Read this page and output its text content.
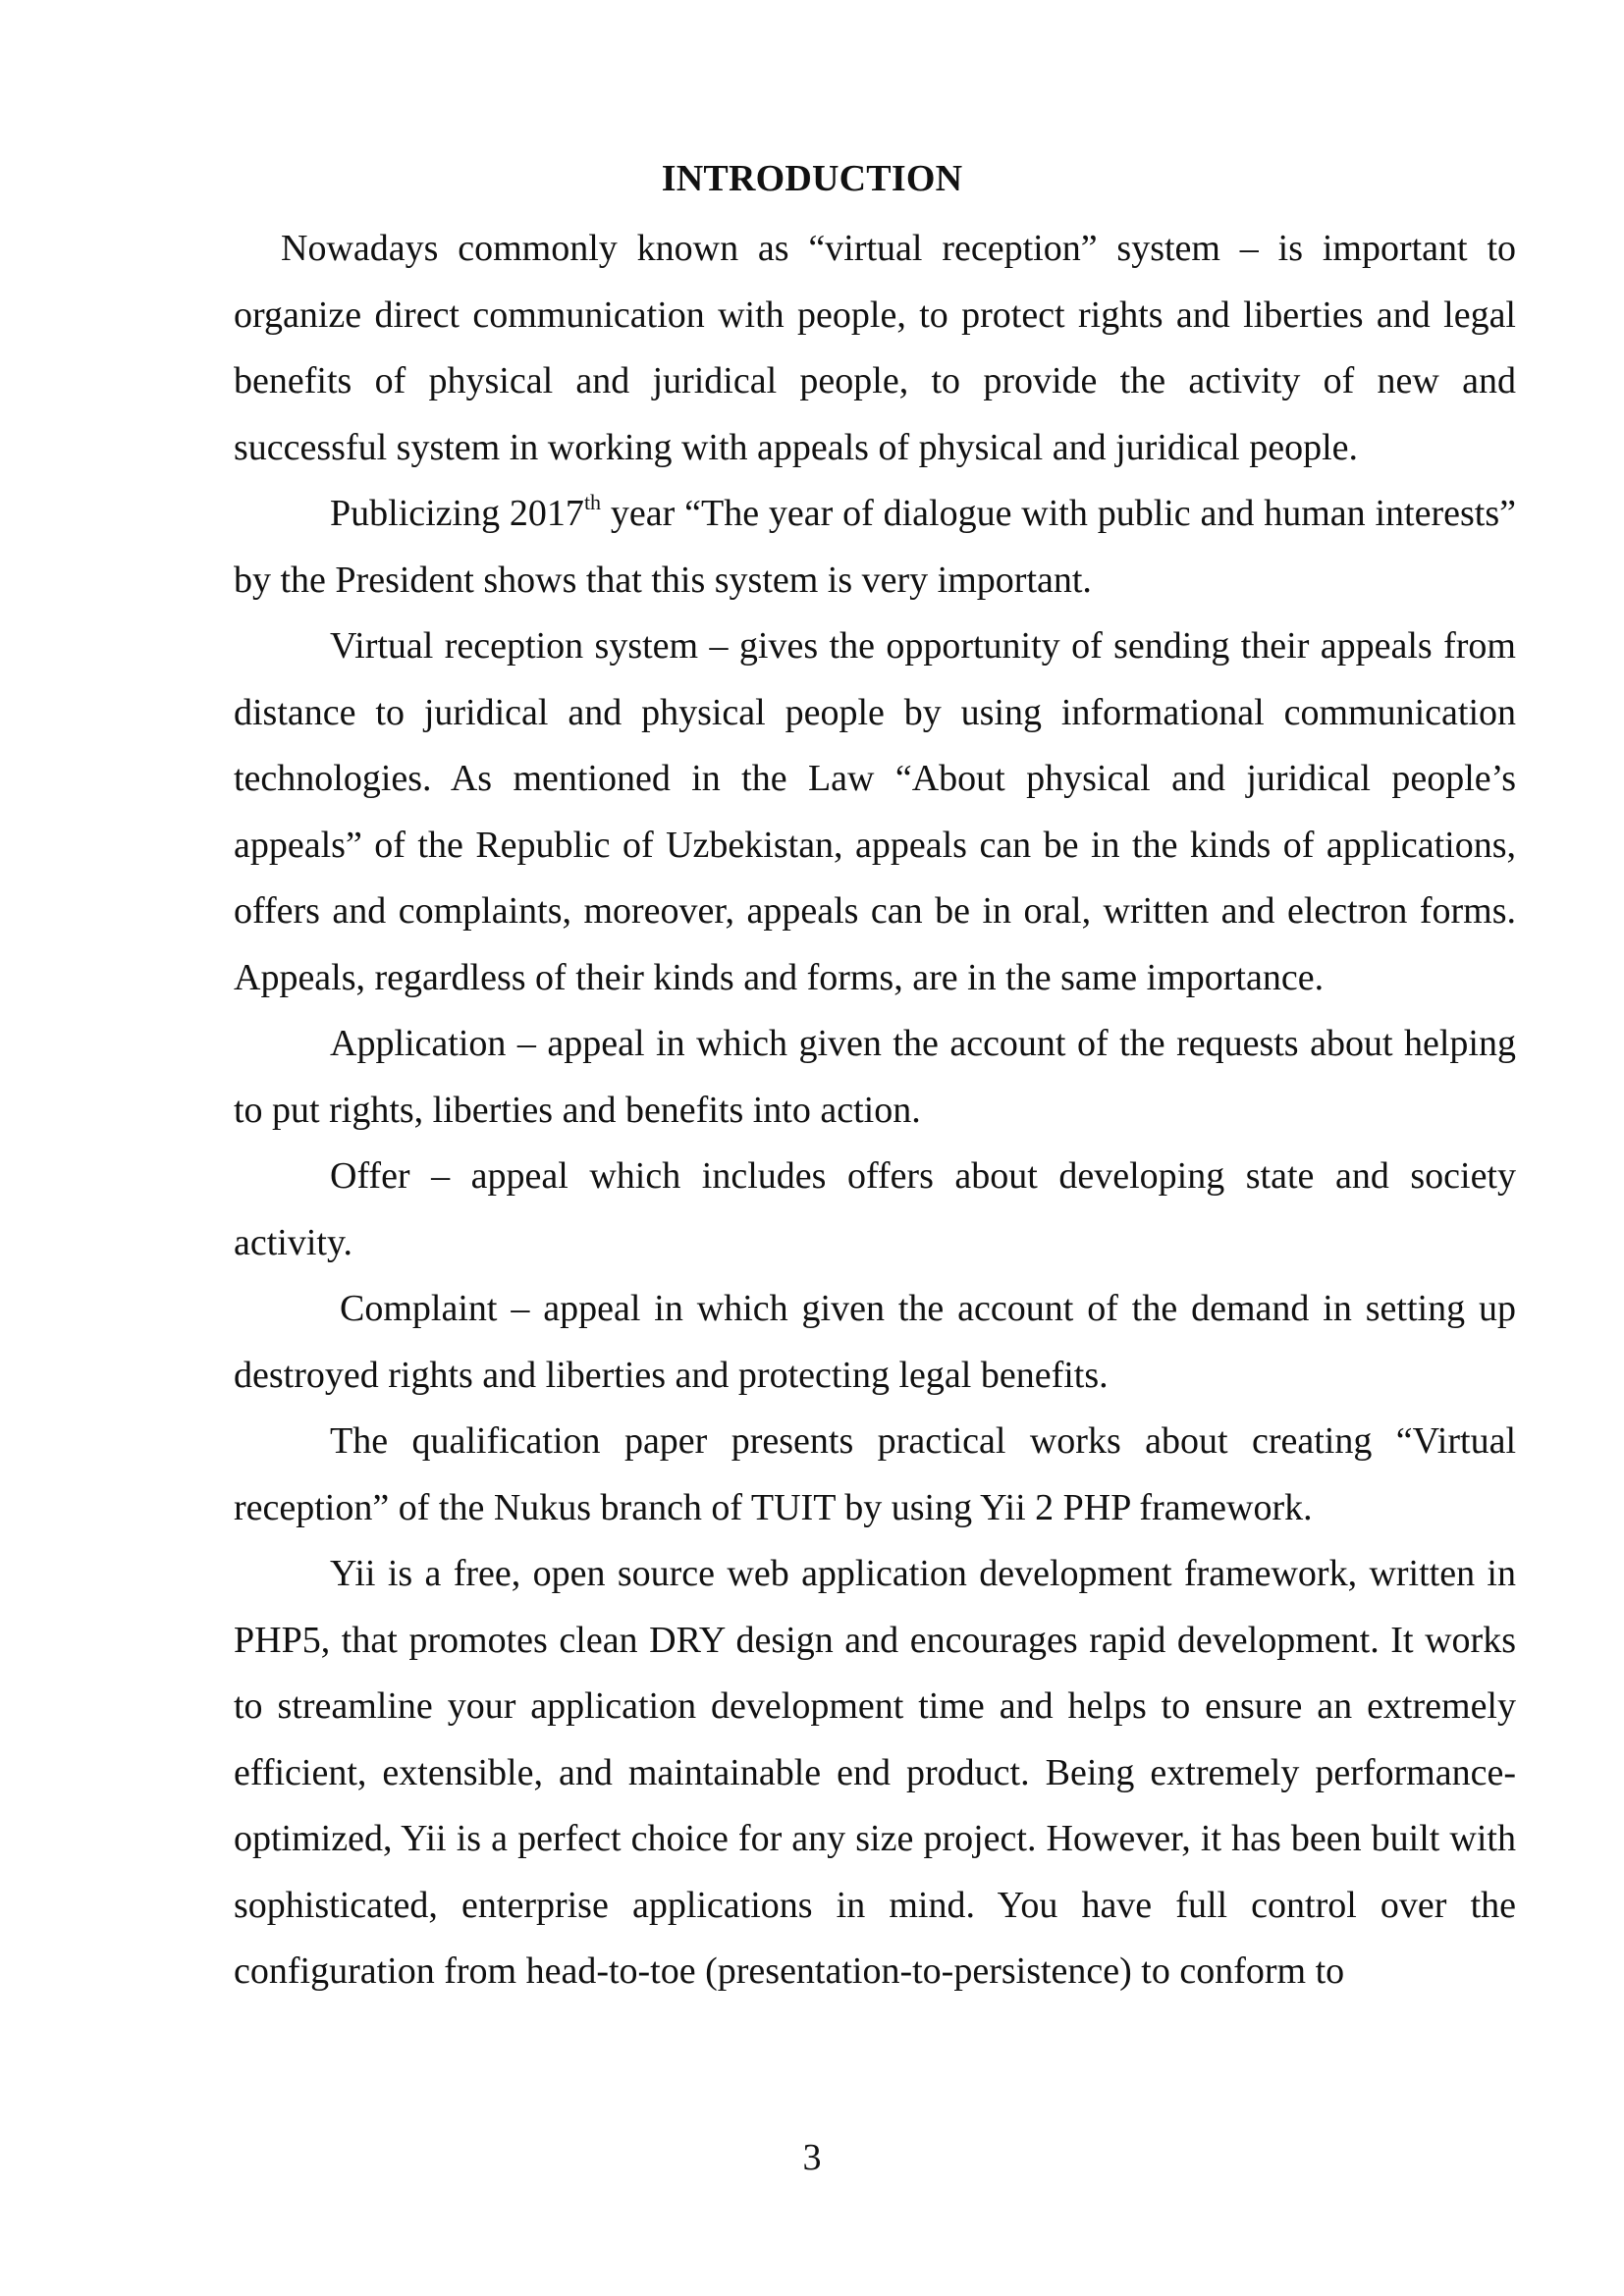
INTRODUCTION

Nowadays commonly known as “virtual reception” system – is important to organize direct communication with people, to protect rights and liberties and legal benefits of physical and juridical people, to provide the activity of new and successful system in working with appeals of physical and juridical people.

Publicizing 2017th year “The year of dialogue with public and human interests” by the President shows that this system is very important.

Virtual reception system – gives the opportunity of sending their appeals from distance to juridical and physical people by using informational communication technologies. As mentioned in the Law “About physical and juridical people’s appeals” of the Republic of Uzbekistan, appeals can be in the kinds of applications, offers and complaints, moreover, appeals can be in oral, written and electron forms. Appeals, regardless of their kinds and forms, are in the same importance.

Application – appeal in which given the account of the requests about helping to put rights, liberties and benefits into action.

Offer – appeal which includes offers about developing state and society activity.

Complaint – appeal in which given the account of the demand in setting up destroyed rights and liberties and protecting legal benefits.

The qualification paper presents practical works about creating “Virtual reception” of the Nukus branch of TUIT by using Yii 2 PHP framework.

Yii is a free, open source web application development framework, written in PHP5, that promotes clean DRY design and encourages rapid development. It works to streamline your application development time and helps to ensure an extremely efficient, extensible, and maintainable end product. Being extremely performance-optimized, Yii is a perfect choice for any size project. However, it has been built with sophisticated, enterprise applications in mind. You have full control over the configuration from head-to-toe (presentation-to-persistence) to conform to

3
